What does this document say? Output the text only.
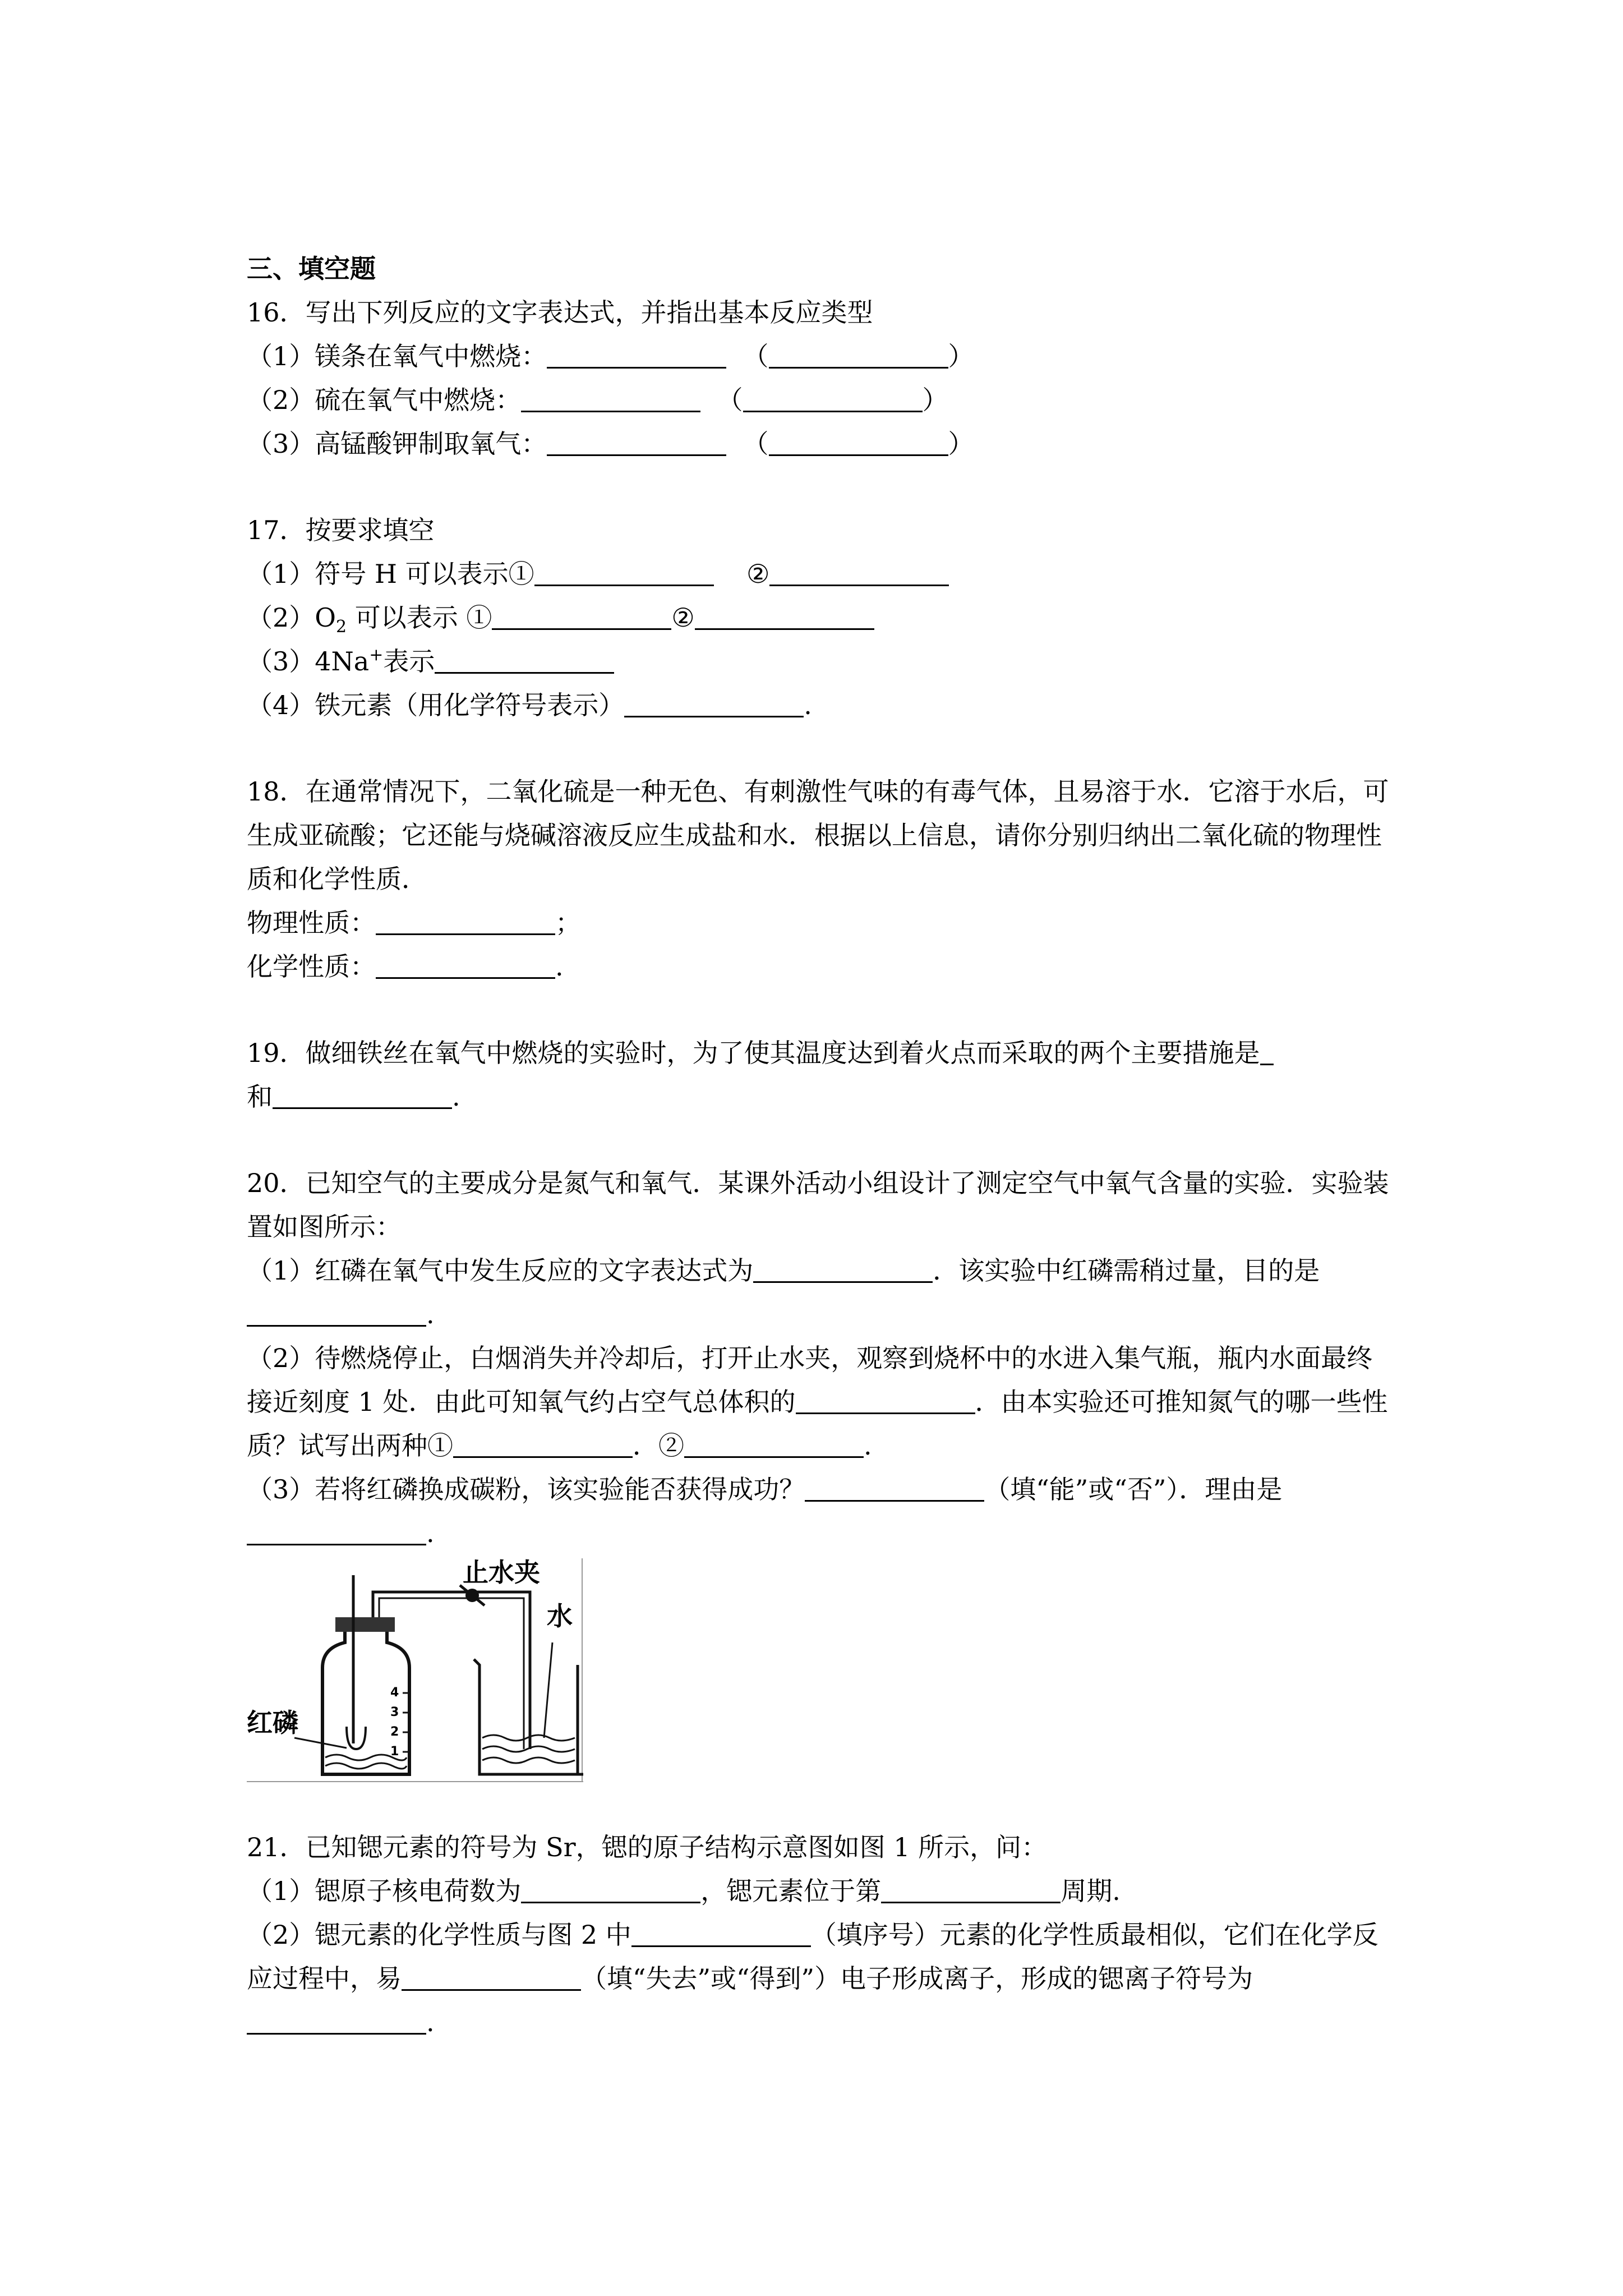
三、填空题
16．写出下列反应的文字表达式，并指出基本反应类型
（1）镁条在氧气中燃烧：	（	）
（2）硫在氧气中燃烧：	（	）
（3）高锰酸钾制取氧气：	（	）
17．按要求填空
（1）符号 H 可以表示①	②
$(2)O_2$ 可以表示 ①	②
（3）4Na+表示
（4）铁元素（用化学符号表示）	.
18．在通常情况下，二氧化硫是一种无色、有刺激性气味的有毒气体，且易溶于水．它溶于水后，可生成亚硫酸；它还能与烧碱溶液反应生成盐和水．根据以上信息，请你分别归纳出二氧化硫的物理性质和化学性质．
物理性质：	；
化学性质：	.
19．做细铁丝在氧气中燃烧的实验时，为了使其温度达到着火点而采取的两个主要措施是
和	.
20．已知空气的主要成分是氮气和氧气．某课外活动小组设计了测定空气中氧气含量的实验．实验装置如图所示：
（1）红磷在氧气中发生反应的文字表达式为	．该实验中红磷需稍过量，目的是.
（2）待燃烧停止，白烟消失并冷却后，打开止水夹，观察到烧杯中的水进入集气瓶，瓶内水面最终接近刻度 1 处．由此可知氧气约占空气总体积的	．由本实验还可推知氮气的哪一些性质？试写出两种①	．②	.
（3）若将红磷换成碳粉，该实验能否获得成功？	（填“能”或“否”）．理由是.
止水夹
水
红磷
4
3
2
1
21．已知锶元素的符号为 Sr，锶的原子结构示意图如图 1 所示，问：
（1）锶原子核电荷数为	，锶元素位于第	周期.
（2）锶元素的化学性质与图 2 中	（填序号）元素的化学性质最相似，它们在化学反应过程中，易	（填“失去”或“得到”）电子形成离子，形成的锶离子符号为.
